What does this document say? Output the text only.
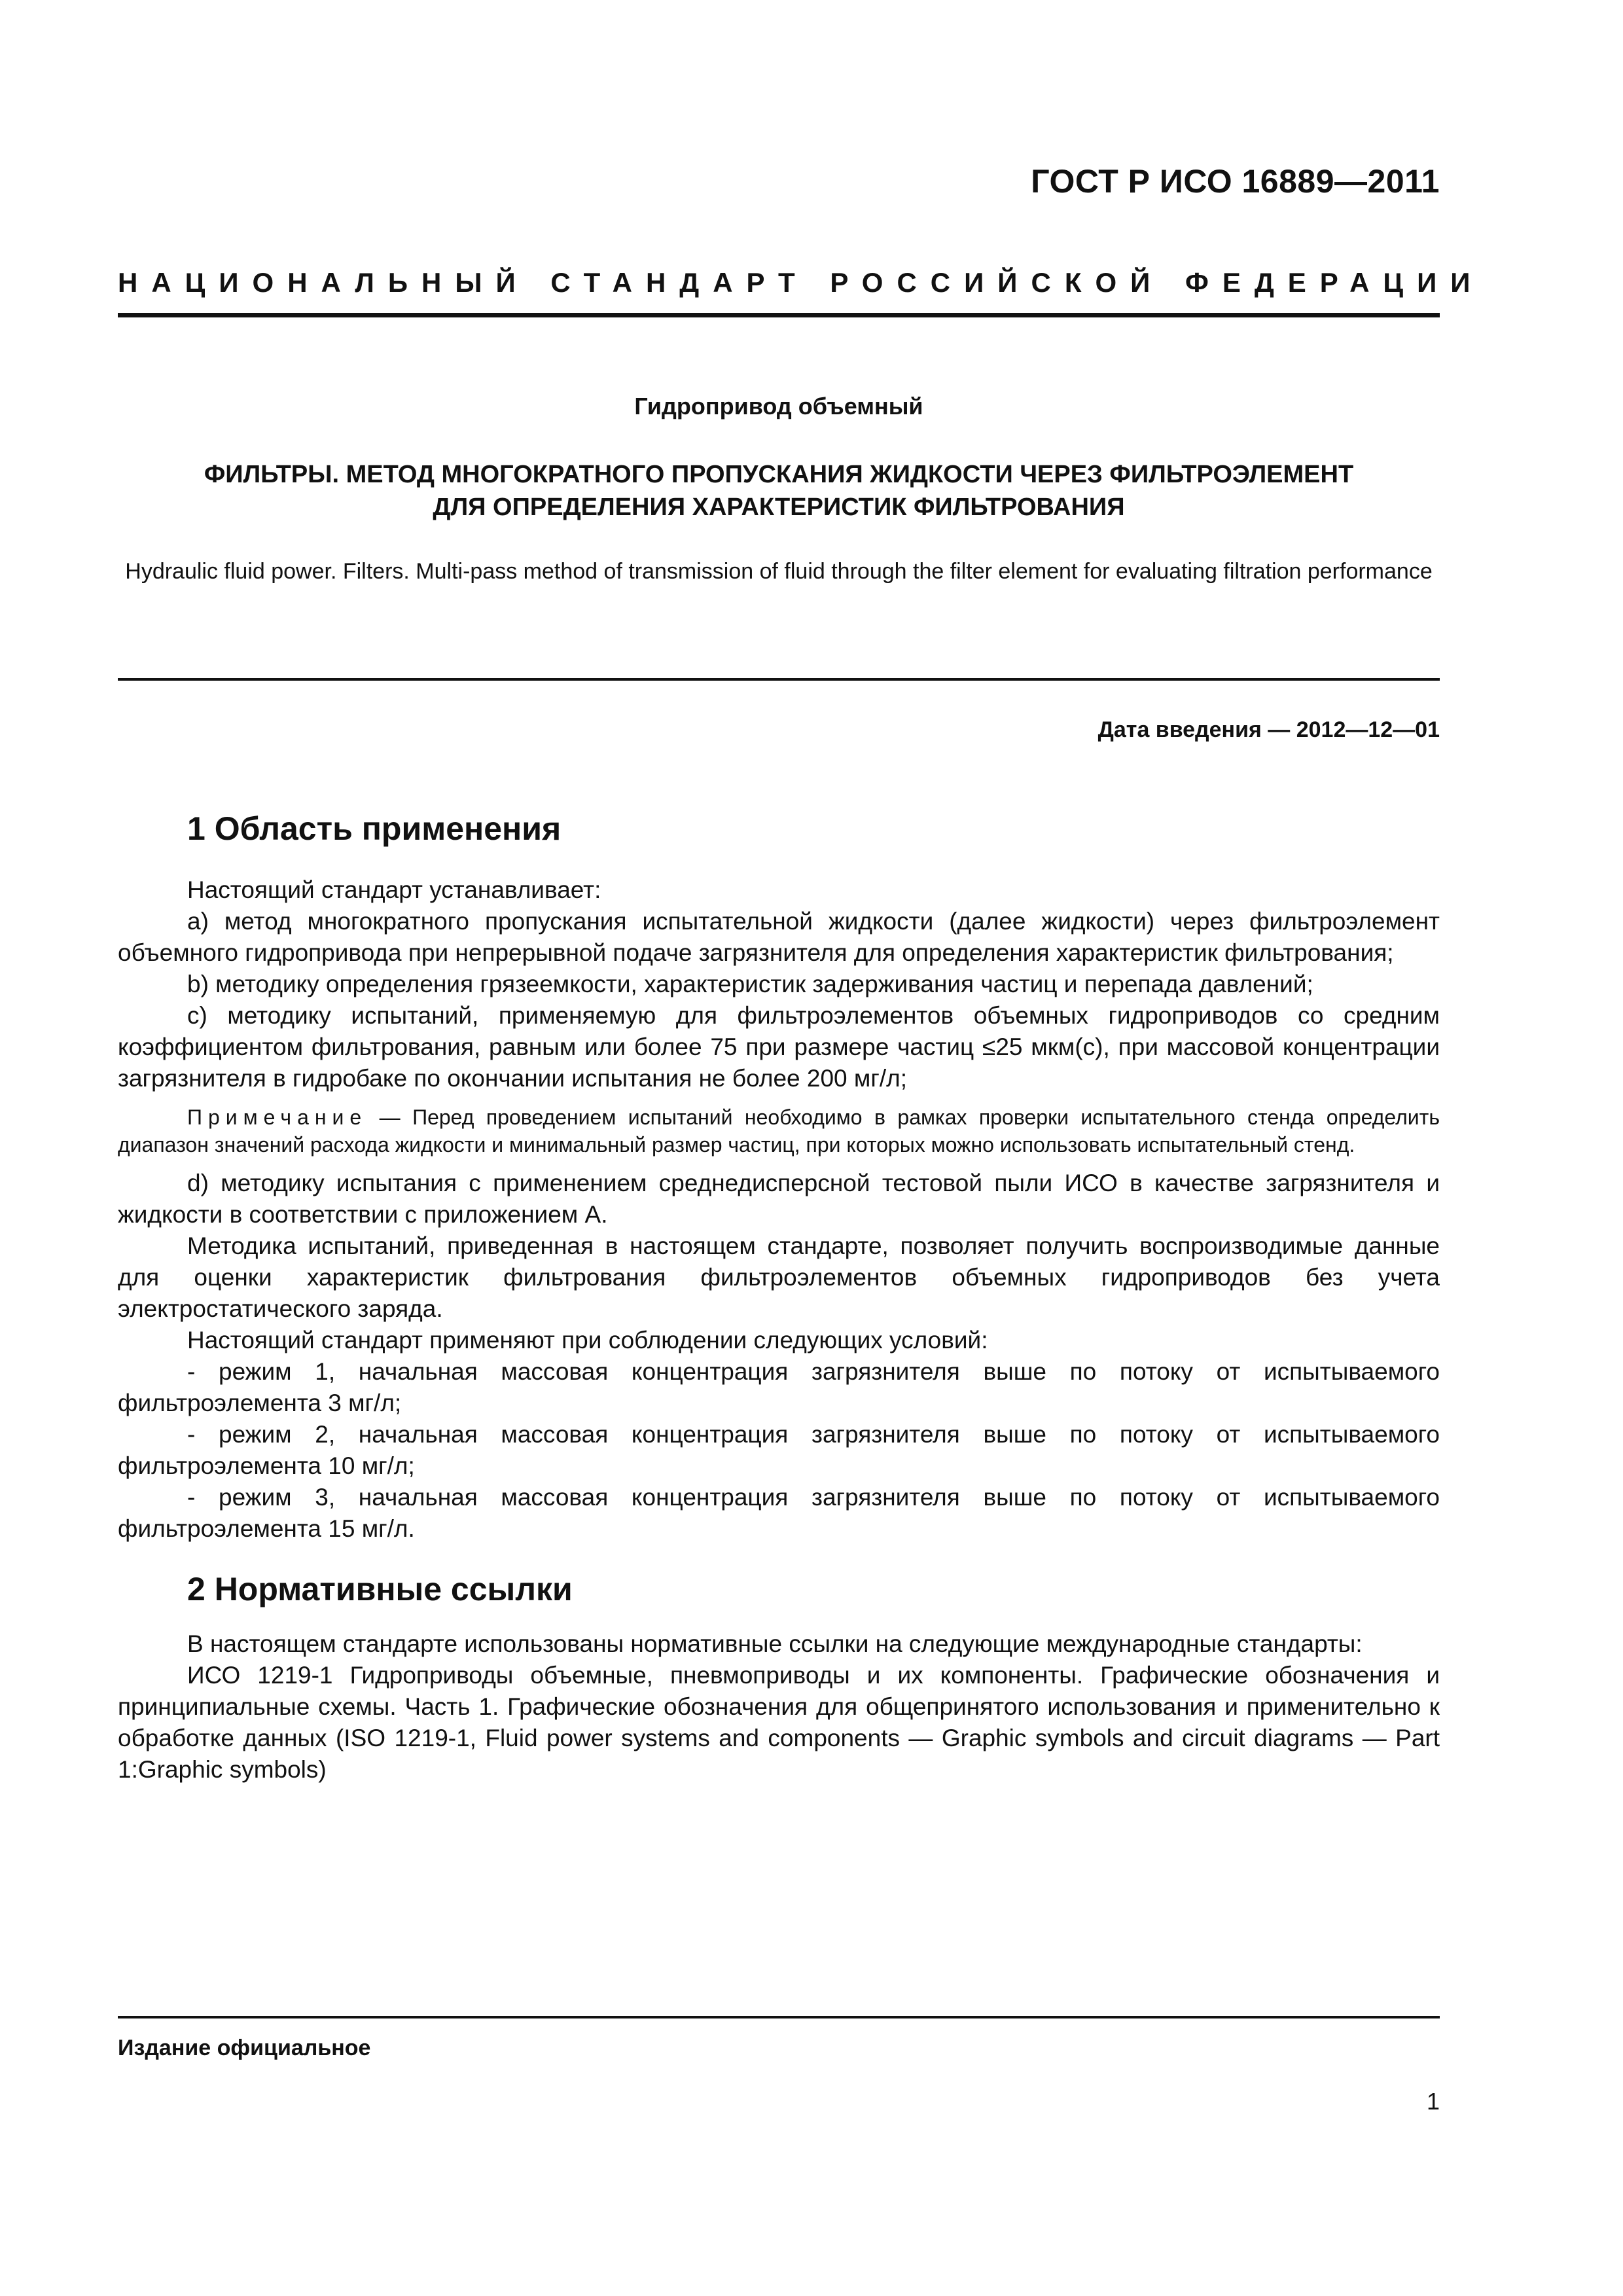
ГОСТ Р ИСО 16889—2011
НАЦИОНАЛЬНЫЙ СТАНДАРТ РОССИЙСКОЙ ФЕДЕРАЦИИ
Гидропривод объемный
ФИЛЬТРЫ. МЕТОД МНОГОКРАТНОГО ПРОПУСКАНИЯ ЖИДКОСТИ ЧЕРЕЗ ФИЛЬТРОЭЛЕМЕНТ
ДЛЯ ОПРЕДЕЛЕНИЯ ХАРАКТЕРИСТИК ФИЛЬТРОВАНИЯ
Hydraulic fluid power. Filters. Multi-pass method of transmission of fluid through the filter element for evaluating filtration performance
Дата введения — 2012—12—01
1 Область применения

Настоящий стандарт устанавливает:

а) метод многократного пропускания испытательной жидкости (далее жидкости) через фильтроэлемент объемного гидропривода при непрерывной подаче загрязнителя для определения характеристик фильтрования;

b) методику определения грязеемкости, характеристик задерживания частиц и перепада давлений;

с) методику испытаний, применяемую для фильтроэлементов объемных гидроприводов со средним коэффициентом фильтрования, равным или более 75 при размере частиц ≤25 мкм(с), при массовой концентрации загрязнителя в гидробаке по окончании испытания не более 200 мг/л;

Примечание — Перед проведением испытаний необходимо в рамках проверки испытательного стенда определить диапазон значений расхода жидкости и минимальный размер частиц, при которых можно использовать испытательный стенд.

d) методику испытания с применением среднедисперсной тестовой пыли ИСО в качестве загрязнителя и жидкости в соответствии с приложением А.

Методика испытаний, приведенная в настоящем стандарте, позволяет получить воспроизводимые данные для оценки характеристик фильтрования фильтроэлементов объемных гидроприводов без учета электростатического заряда.

Настоящий стандарт применяют при соблюдении следующих условий:

- режим 1, начальная массовая концентрация загрязнителя выше по потоку от испытываемого фильтроэлемента 3 мг/л;

- режим 2, начальная массовая концентрация загрязнителя выше по потоку от испытываемого фильтроэлемента 10 мг/л;

- режим 3, начальная массовая концентрация загрязнителя выше по потоку от испытываемого фильтроэлемента 15 мг/л.

2 Нормативные ссылки

В настоящем стандарте использованы нормативные ссылки на следующие международные стандарты:

ИСО 1219-1 Гидроприводы объемные, пневмоприводы и их компоненты. Графические обозначения и принципиальные схемы. Часть 1. Графические обозначения для общепринятого использования и применительно к обработке данных (ISO 1219-1, Fluid power systems and components — Graphic symbols and circuit diagrams — Part 1:Graphic symbols)

Издание официальное
1
